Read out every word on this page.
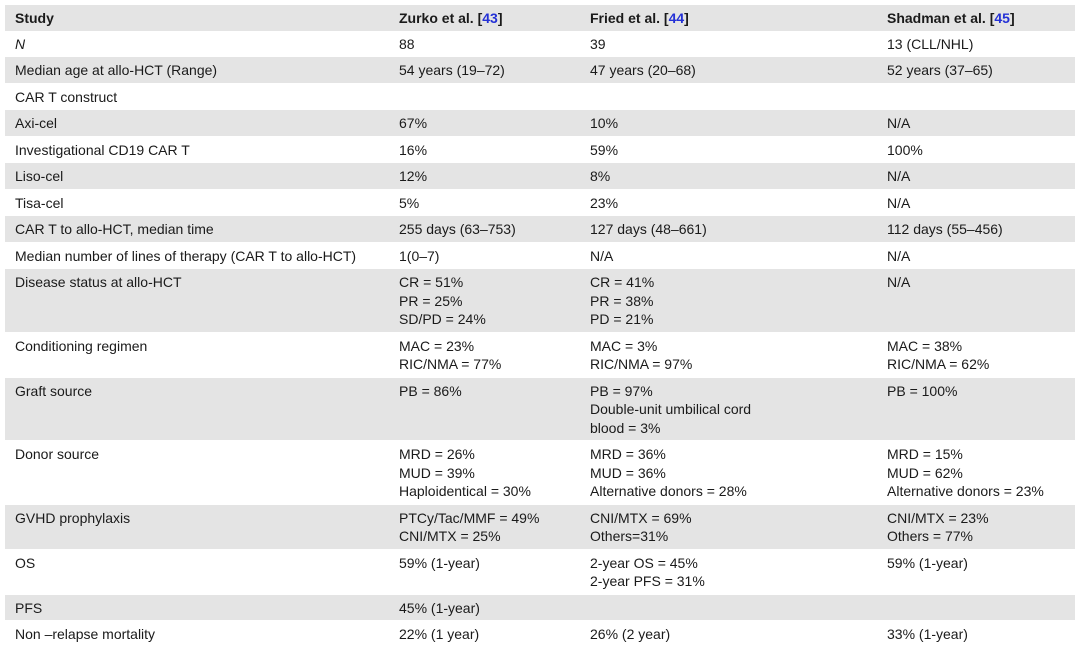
Study	Zurko et al. [43]	Fried et al. [44]	Shadman et al. [45]
N	88	39	13 (CLL/NHL)

Median age at allo-HCT (Range)	54 years (19–72)	47 years (20–68)	52 years (37–65)

CAR T construct			
Axi-cel	67%	10%	N/A

Investigational CD19 CAR T	16%	59%	100%

Liso-cel	12%	8%	N/A

Tisa-cel	5%	23%	N/A

CAR T to allo-HCT, median time	255 days (63–753)	127 days (48–661)	112 days (55–456)

Median number of lines of therapy (CAR T to allo-HCT)	1(0–7)	N/A	N/A

Disease status at allo-HCT	CR = 51%
PR = 25%
SD/PD = 24%	CR = 41%
PR = 38%
PD = 21%	N/A

Conditioning regimen	MAC = 23%
RIC/NMA = 77%	MAC = 3%
RIC/NMA = 97%	MAC = 38%
RIC/NMA = 62%

Graft source	PB = 86%	PB = 97%
Double-unit umbilical cord
blood = 3%	PB = 100%

Donor source	MRD = 26%
MUD = 39%
Haploidentical = 30%	MRD = 36%
MUD = 36%
Alternative donors = 28%	MRD = 15%
MUD = 62%
Alternative donors = 23%

GVHD prophylaxis	PTCy/Tac/MMF = 49%
CNI/MTX = 25%	CNI/MTX = 69%
Others=31%	CNI/MTX = 23%
Others = 77%

OS	59% (1-year)	2-year OS = 45%
2-year PFS = 31%	59% (1-year)

PFS	45% (1-year)		

Non –relapse mortality	22% (1 year)	26% (2 year)	33% (1-year)
